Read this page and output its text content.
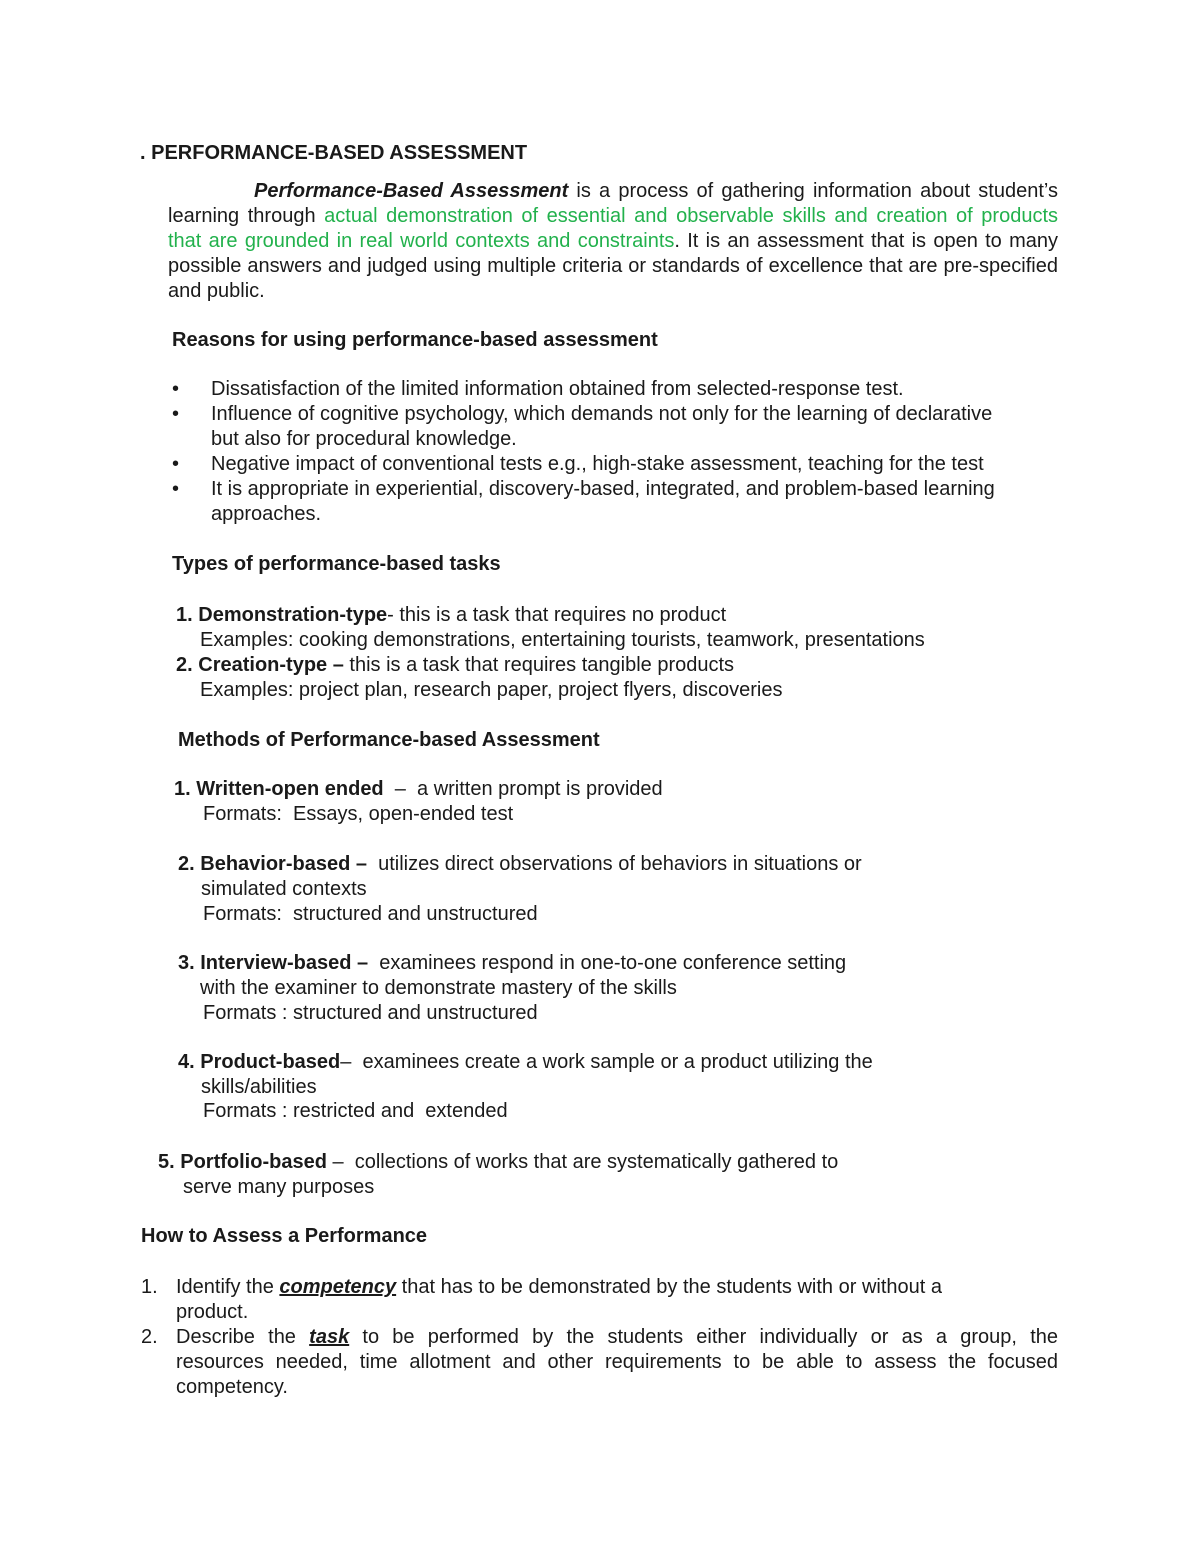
. PERFORMANCE-BASED ASSESSMENT
Performance-Based Assessment is a process of gathering information about student’s learning through actual demonstration of essential and observable skills and creation of products that are grounded in real world contexts and constraints. It is an assessment that is open to many possible answers and judged using multiple criteria or standards of excellence that are pre-specified and public.
Reasons for using performance-based assessment
• Dissatisfaction of the limited information obtained from selected-response test.
• Influence of cognitive psychology, which demands not only for the learning of declarative
but also for procedural knowledge.
• Negative impact of conventional tests e.g., high-stake assessment, teaching for the test
• It is appropriate in experiential, discovery-based, integrated, and problem-based learning
approaches.
Types of performance-based tasks
1. Demonstration-type- this is a task that requires no product
Examples: cooking demonstrations, entertaining tourists, teamwork, presentations
2. Creation-type – this is a task that requires tangible products
Examples: project plan, research paper, project flyers, discoveries
Methods of Performance-based Assessment
1. Written-open ended  –  a written prompt is provided
Formats:  Essays, open-ended test
2. Behavior-based – utilizes direct observations of behaviors in situations or
simulated contexts
Formats:  structured and unstructured
3. Interview-based – examinees respond in one-to-one conference setting
with the examiner to demonstrate mastery of the skills
Formats : structured and unstructured
4. Product-based–  examinees create a work sample or a product utilizing the
skills/abilities
Formats : restricted and  extended
5. Portfolio-based –  collections of works that are systematically gathered to
serve many purposes
How to Assess a Performance
1. Identify the competency that has to be demonstrated by the students with or without a
product.
2. Describe the task to be performed by the students either individually or as a group, the
resources needed, time allotment and other requirements to be able to assess the focused
competency.
